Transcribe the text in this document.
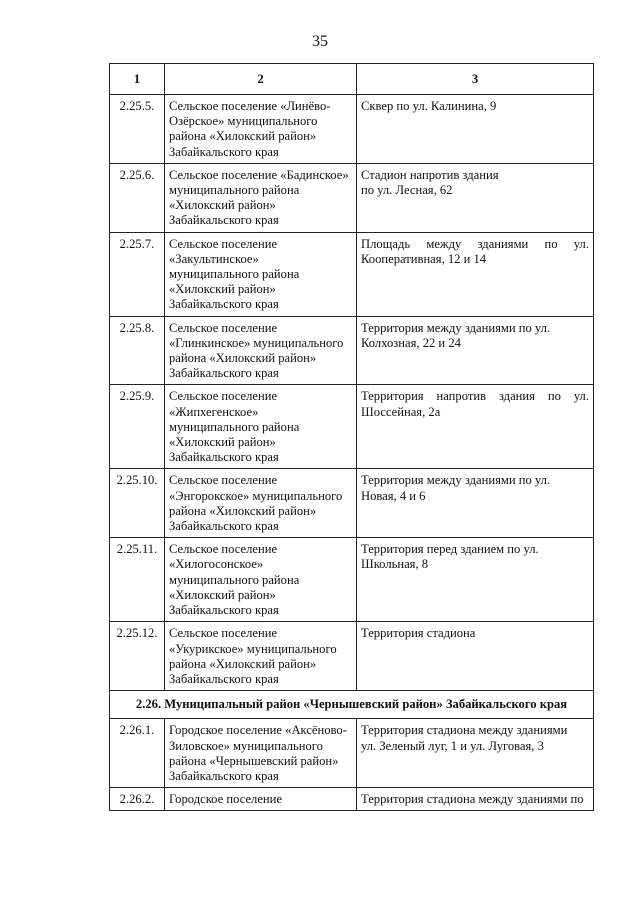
35
1	2	3
2.25.5.	Сельское поселение «Линёво-
Озёрское» муниципального
района «Хилокский район»
Забайкальского края	Сквер по ул. Калинина, 9

2.25.6.	Сельское поселение «Бадинское»
муниципального района
«Хилокский район»
Забайкальского края	Стадион напротив здания
по ул. Лесная, 62

2.25.7.	Сельское поселение
«Закультинское»
муниципального района
«Хилокский район»
Забайкальского края	Площадь между зданиями по ул.
Кооперативная, 12 и 14

2.25.8.	Сельское поселение
«Глинкинское» муниципального
района «Хилокский район»
Забайкальского края	Территория между зданиями по ул.
Колхозная, 22 и 24

2.25.9.	Сельское поселение
«Жипхегенское»
муниципального района
«Хилокский район»
Забайкальского края	Территория напротив здания по ул.
Шоссейная, 2а

2.25.10.	Сельское поселение
«Энгорокское» муниципального
района «Хилокский район»
Забайкальского края	Территория между зданиями по ул.
Новая, 4 и 6

2.25.11.	Сельское поселение
«Хилогосонское»
муниципального района
«Хилокский район»
Забайкальского края	Территория перед зданием по ул.
Школьная, 8

2.25.12.	Сельское поселение
«Укурикское» муниципального
района «Хилокский район»
Забайкальского края	Территория стадиона

2.26. Муниципальный район «Чернышевский район» Забайкальского края		
2.26.1.	Городское поселение «Аксёново-
Зиловское» муниципального
района «Чернышевский район»
Забайкальского края	Территория стадиона между зданиями
ул. Зеленый луг, 1 и ул. Луговая, 3

2.26.2.	Городское поселение	Территория стадиона между зданиями по
